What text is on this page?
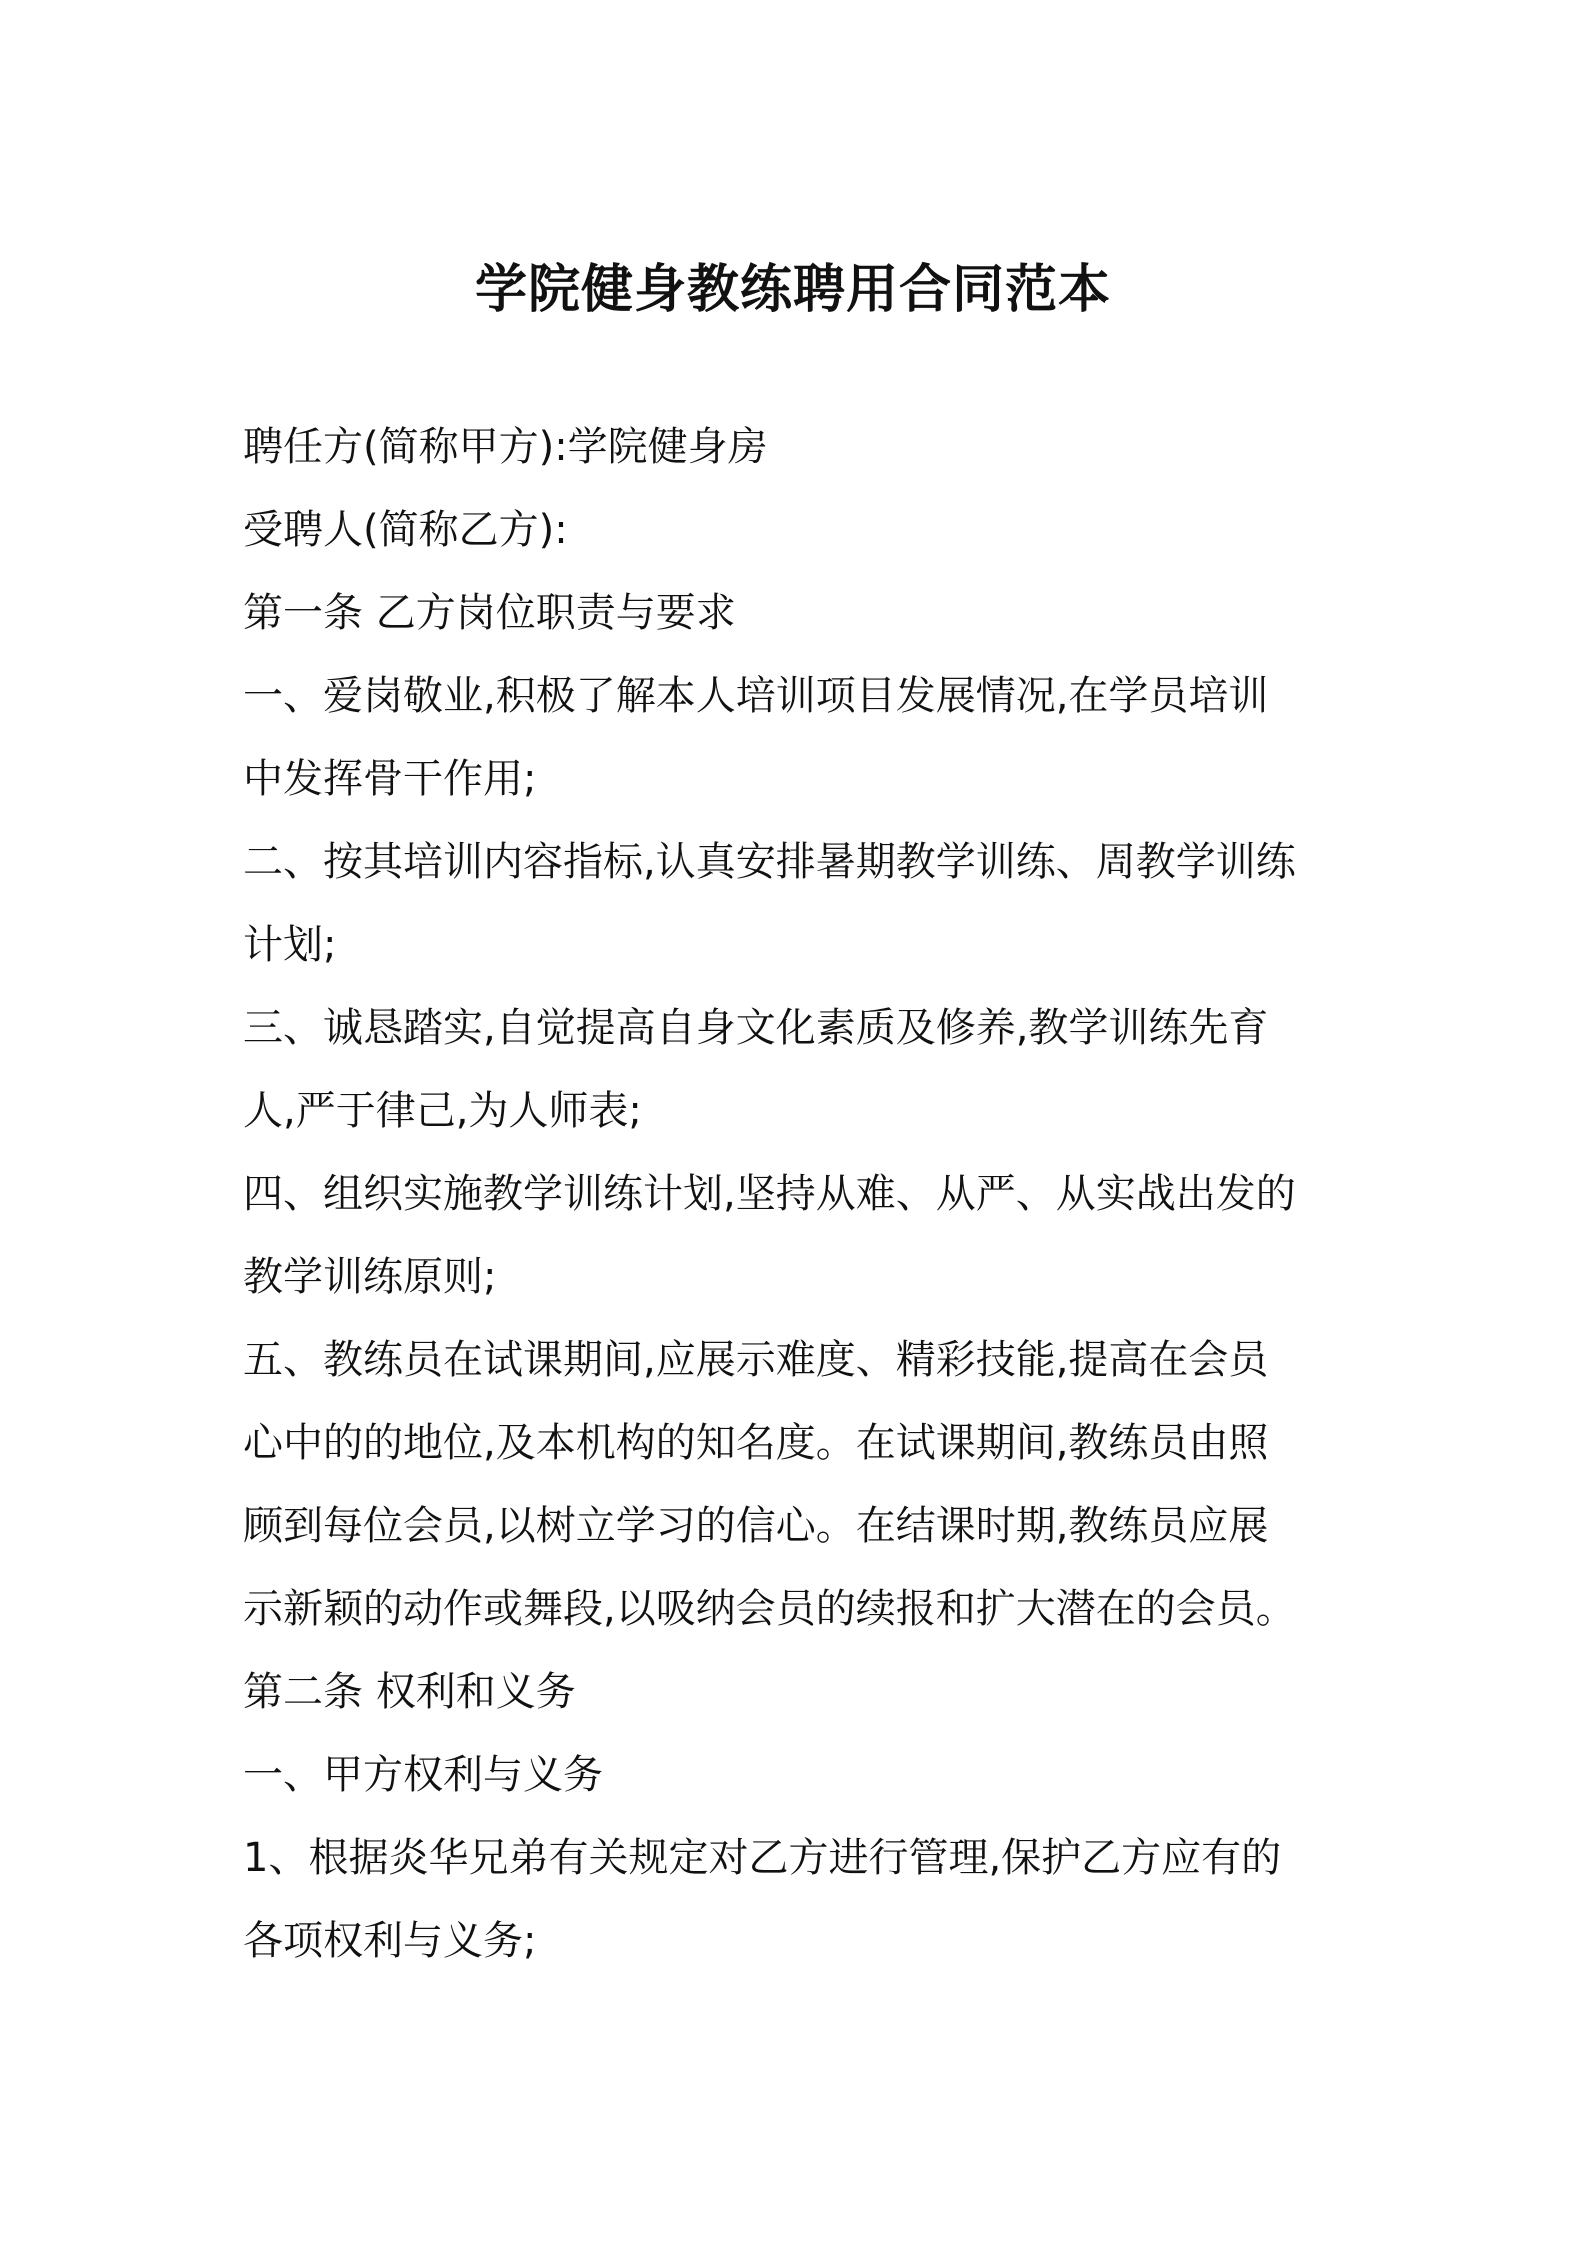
学院健身教练聘用合同范本
聘任方(简称甲方):学院健身房
受聘人(简称乙方):
第一条 乙方岗位职责与要求
一、爱岗敬业,积极了解本人培训项目发展情况,在学员培训
中发挥骨干作用;
二、按其培训内容指标,认真安排暑期教学训练、周教学训练
计划;
三、诚恳踏实,自觉提高自身文化素质及修养,教学训练先育
人,严于律己,为人师表;
四、组织实施教学训练计划,坚持从难、从严、从实战出发的
教学训练原则;
五、教练员在试课期间,应展示难度、精彩技能,提高在会员
心中的的地位,及本机构的知名度。在试课期间,教练员由照
顾到每位会员,以树立学习的信心。在结课时期,教练员应展
示新颖的动作或舞段,以吸纳会员的续报和扩大潜在的会员。
第二条 权利和义务
一、甲方权利与义务
1、根据炎华兄弟有关规定对乙方进行管理,保护乙方应有的
各项权利与义务;
